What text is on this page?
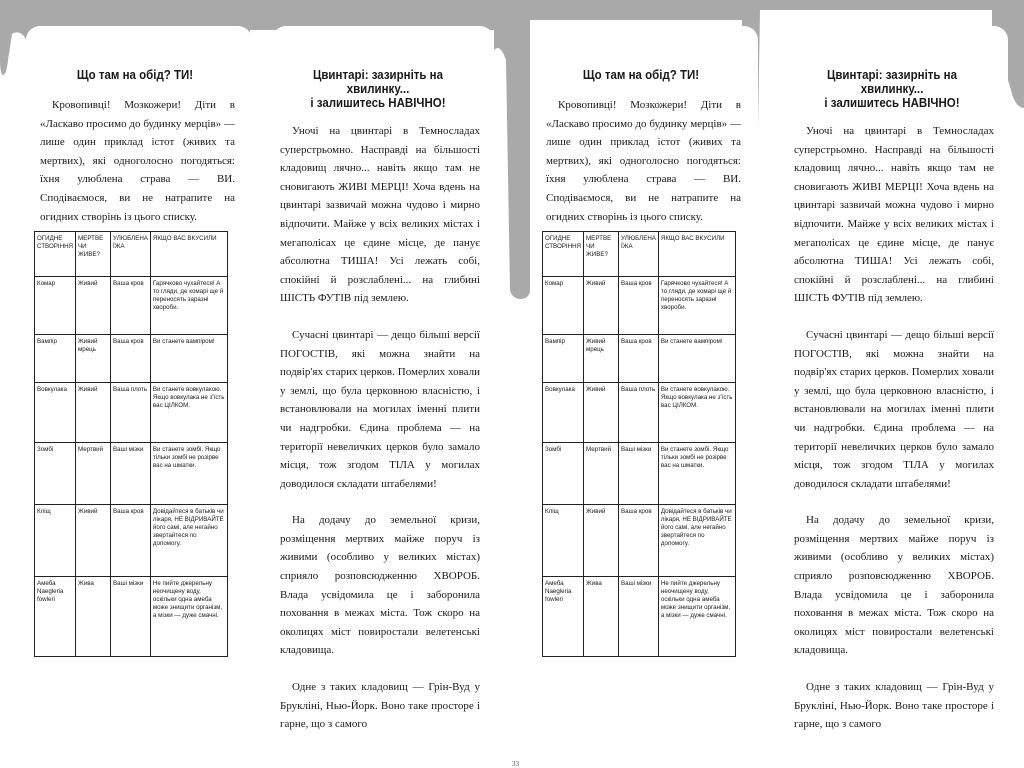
Що там на обід? ТИ!

Кровопивці! Мозкожери! Діти в «Ласкаво просимо до будинку мерців» — лише один приклад істот (живих та мертвих), які одноголосно погодяться: їхня улюблена страва — ВИ. Сподіваємося, ви не натрапите на огидних створінь із цього списку.

ОГИДНЕ СТВОРІННЯ	МЕРТВЕ ЧИ ЖИВЕ?	УЛЮБЛЕНА ЇЖА	ЯКЩО ВАС ВКУСИЛИ
Комар	Живий	Ваша кров	Гарячково чухайтеся! А то гляди, де комарі ще й переносять заразні хвороби.
Вампір	Живий мрець	Ваша кров	Ви станете вампіром!
Вовкулака	Живий	Ваша плоть	Ви станете вовкулакою. Якщо вовкулака не з'їсть вас ЦІЛКОМ.
Зомбі	Мертвий	Ваші мізки	Ви станете зомбі. Якщо тільки зомбі не розірве вас на шматки.
Кліщ	Живий	Ваша кров	Довідайтеся в батьків чи лікаря, НЕ ВІДРИВАЙТЕ його самі, але негайно звертайтеся по допомогу.
Амеба Naegleria fowleri	Жива	Ваші мізки	Не пийте джерельну неочищену воду, оскільки одна амеба може знищити організм, а мізки — дуже смачні.

Цвинтарі: зазирніть на хвилинку...

і залишитесь НАВІЧНО!

Уночі на цвинтарі в Темносладах суперстрьомно. Насправді на більшості кладовищ лячно... навіть якщо там не сновигають ЖИВІ МЕРЦІ! Хоча вдень на цвинтарі зазвичай можна чудово і мирно відпочити. Майже у всіх великих містах і мегаполісах це єдине місце, де панує абсолютна ТИША! Усі лежать собі, спокійні й розслаблені... на глибині ШІСТЬ ФУТІВ під землею.

Сучасні цвинтарі — дещо більші версії ПОГОСТІВ, які можна знайти на подвір'ях старих церков. Померлих ховали у землі, що була церковною власністю, і встановлювали на могилах іменні плити чи надгробки. Єдина проблема — на території невеличких церков було замало місця, тож згодом ТІЛА у могилах доводилося складати штабелями!

На додачу до земельної кризи, розміщення мертвих майже поруч із живими (особливо у великих містах) сприяло розповсюдженню ХВОРОБ. Влада усвідомила це і заборонила поховання в межах міста. Тож скоро на околицях міст повиростали велетенські кладовища.

Одне з таких кладовищ — Грін-Вуд у Брукліні, Нью-Йорк. Воно таке просторе і гарне, що з самого

Що там на обід? ТИ!

Кровопивці! Мозкожери! Діти в «Ласкаво просимо до будинку мерців» — лише один приклад істот (живих та мертвих), які одноголосно погодяться: їхня улюблена страва — ВИ. Сподіваємося, ви не натрапите на огидних створінь із цього списку.

ОГИДНЕ СТВОРІННЯ	МЕРТВЕ ЧИ ЖИВЕ?	УЛЮБЛЕНА ЇЖА	ЯКЩО ВАС ВКУСИЛИ
Комар	Живий	Ваша кров	Гарячково чухайтеся! А то гляди, де комарі ще й переносять заразні хвороби.
Вампір	Живий мрець	Ваша кров	Ви станете вампіром!
Вовкулака	Живий	Ваша плоть	Ви станете вовкулакою. Якщо вовкулака не з'їсть вас ЦІЛКОМ.
Зомбі	Мертвий	Ваші мізки	Ви станете зомбі. Якщо тільки зомбі не розірве вас на шматки.
Кліщ	Живий	Ваша кров	Довідайтеся в батьків чи лікаря, НЕ ВІДРИВАЙТЕ його самі, але негайно звертайтеся по допомогу.
Амеба Naegleria fowleri	Жива	Ваші мізки	Не пийте джерельну неочищену воду, оскільки одна амеба може знищити організм, а мізки — дуже смачні.

Цвинтарі: зазирніть на хвилинку...

і залишитесь НАВІЧНО!

Уночі на цвинтарі в Темносладах суперстрьомно. Насправді на більшості кладовищ лячно... навіть якщо там не сновигають ЖИВІ МЕРЦІ! Хоча вдень на цвинтарі зазвичай можна чудово і мирно відпочити. Майже у всіх великих містах і мегаполісах це єдине місце, де панує абсолютна ТИША! Усі лежать собі, спокійні й розслаблені... на глибині ШІСТЬ ФУТІВ під землею.

Сучасні цвинтарі — дещо більші версії ПОГОСТІВ, які можна знайти на подвір'ях старих церков. Померлих ховали у землі, що була церковною власністю, і встановлювали на могилах іменні плити чи надгробки. Єдина проблема — на території невеличких церков було замало місця, тож згодом ТІЛА у могилах доводилося складати штабелями!

На додачу до земельної кризи, розміщення мертвих майже поруч із живими (особливо у великих містах) сприяло розповсюдженню ХВОРОБ. Влада усвідомила це і заборонила поховання в межах міста. Тож скоро на околицях міст повиростали велетенські кладовища.

Одне з таких кладовищ — Грін-Вуд у Брукліні, Нью-Йорк. Воно таке просторе і гарне, що з самого

33
